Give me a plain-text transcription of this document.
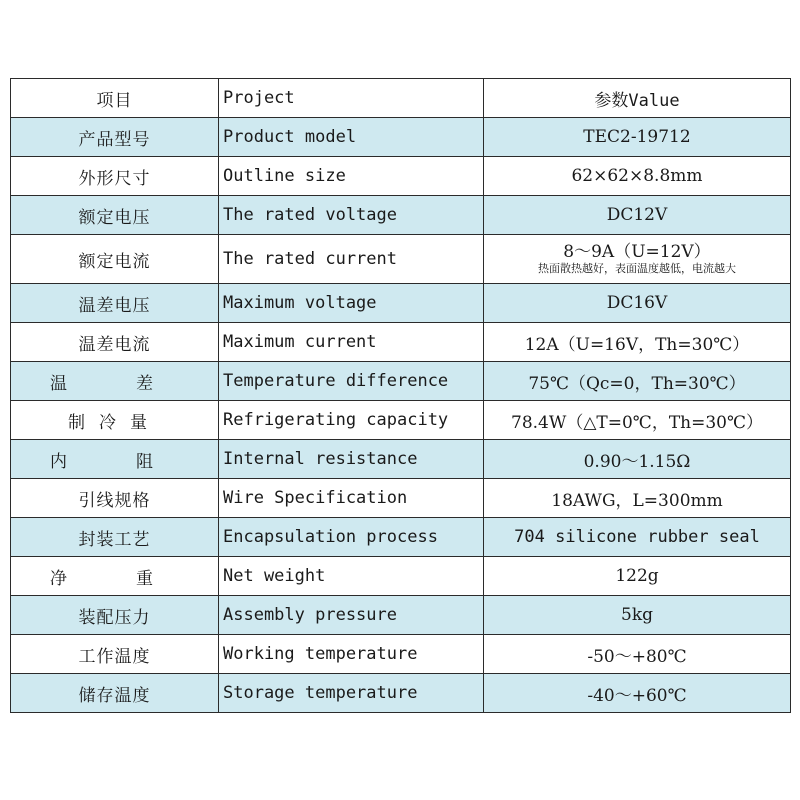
项目	Project	参数Value
产品型号	Product model	TEC2-19712
外形尺寸	Outline size	62×62×8.8mm
额定电压	The rated voltage	DC12V
额定电流	The rated current	8～9A（U=12V）
热面散热越好，表面温度越低，电流越大

温差电压	Maximum voltage	DC16V
温差电流	Maximum current	12A（U=16V，Th=30℃）
温　差	Temperature difference	75℃（Qc=0，Th=30℃）
制冷量	Refrigerating capacity	78.4W（△T=0℃，Th=30℃）
内　阻	Internal resistance	0.90～1.15Ω
引线规格	Wire Specification	18AWG，L=300mm
封装工艺	Encapsulation process	704 silicone rubber seal
净　重	Net weight	122g
装配压力	Assembly pressure	5kg
工作温度	Working temperature	-50～+80℃
储存温度	Storage temperature	-40～+60℃
